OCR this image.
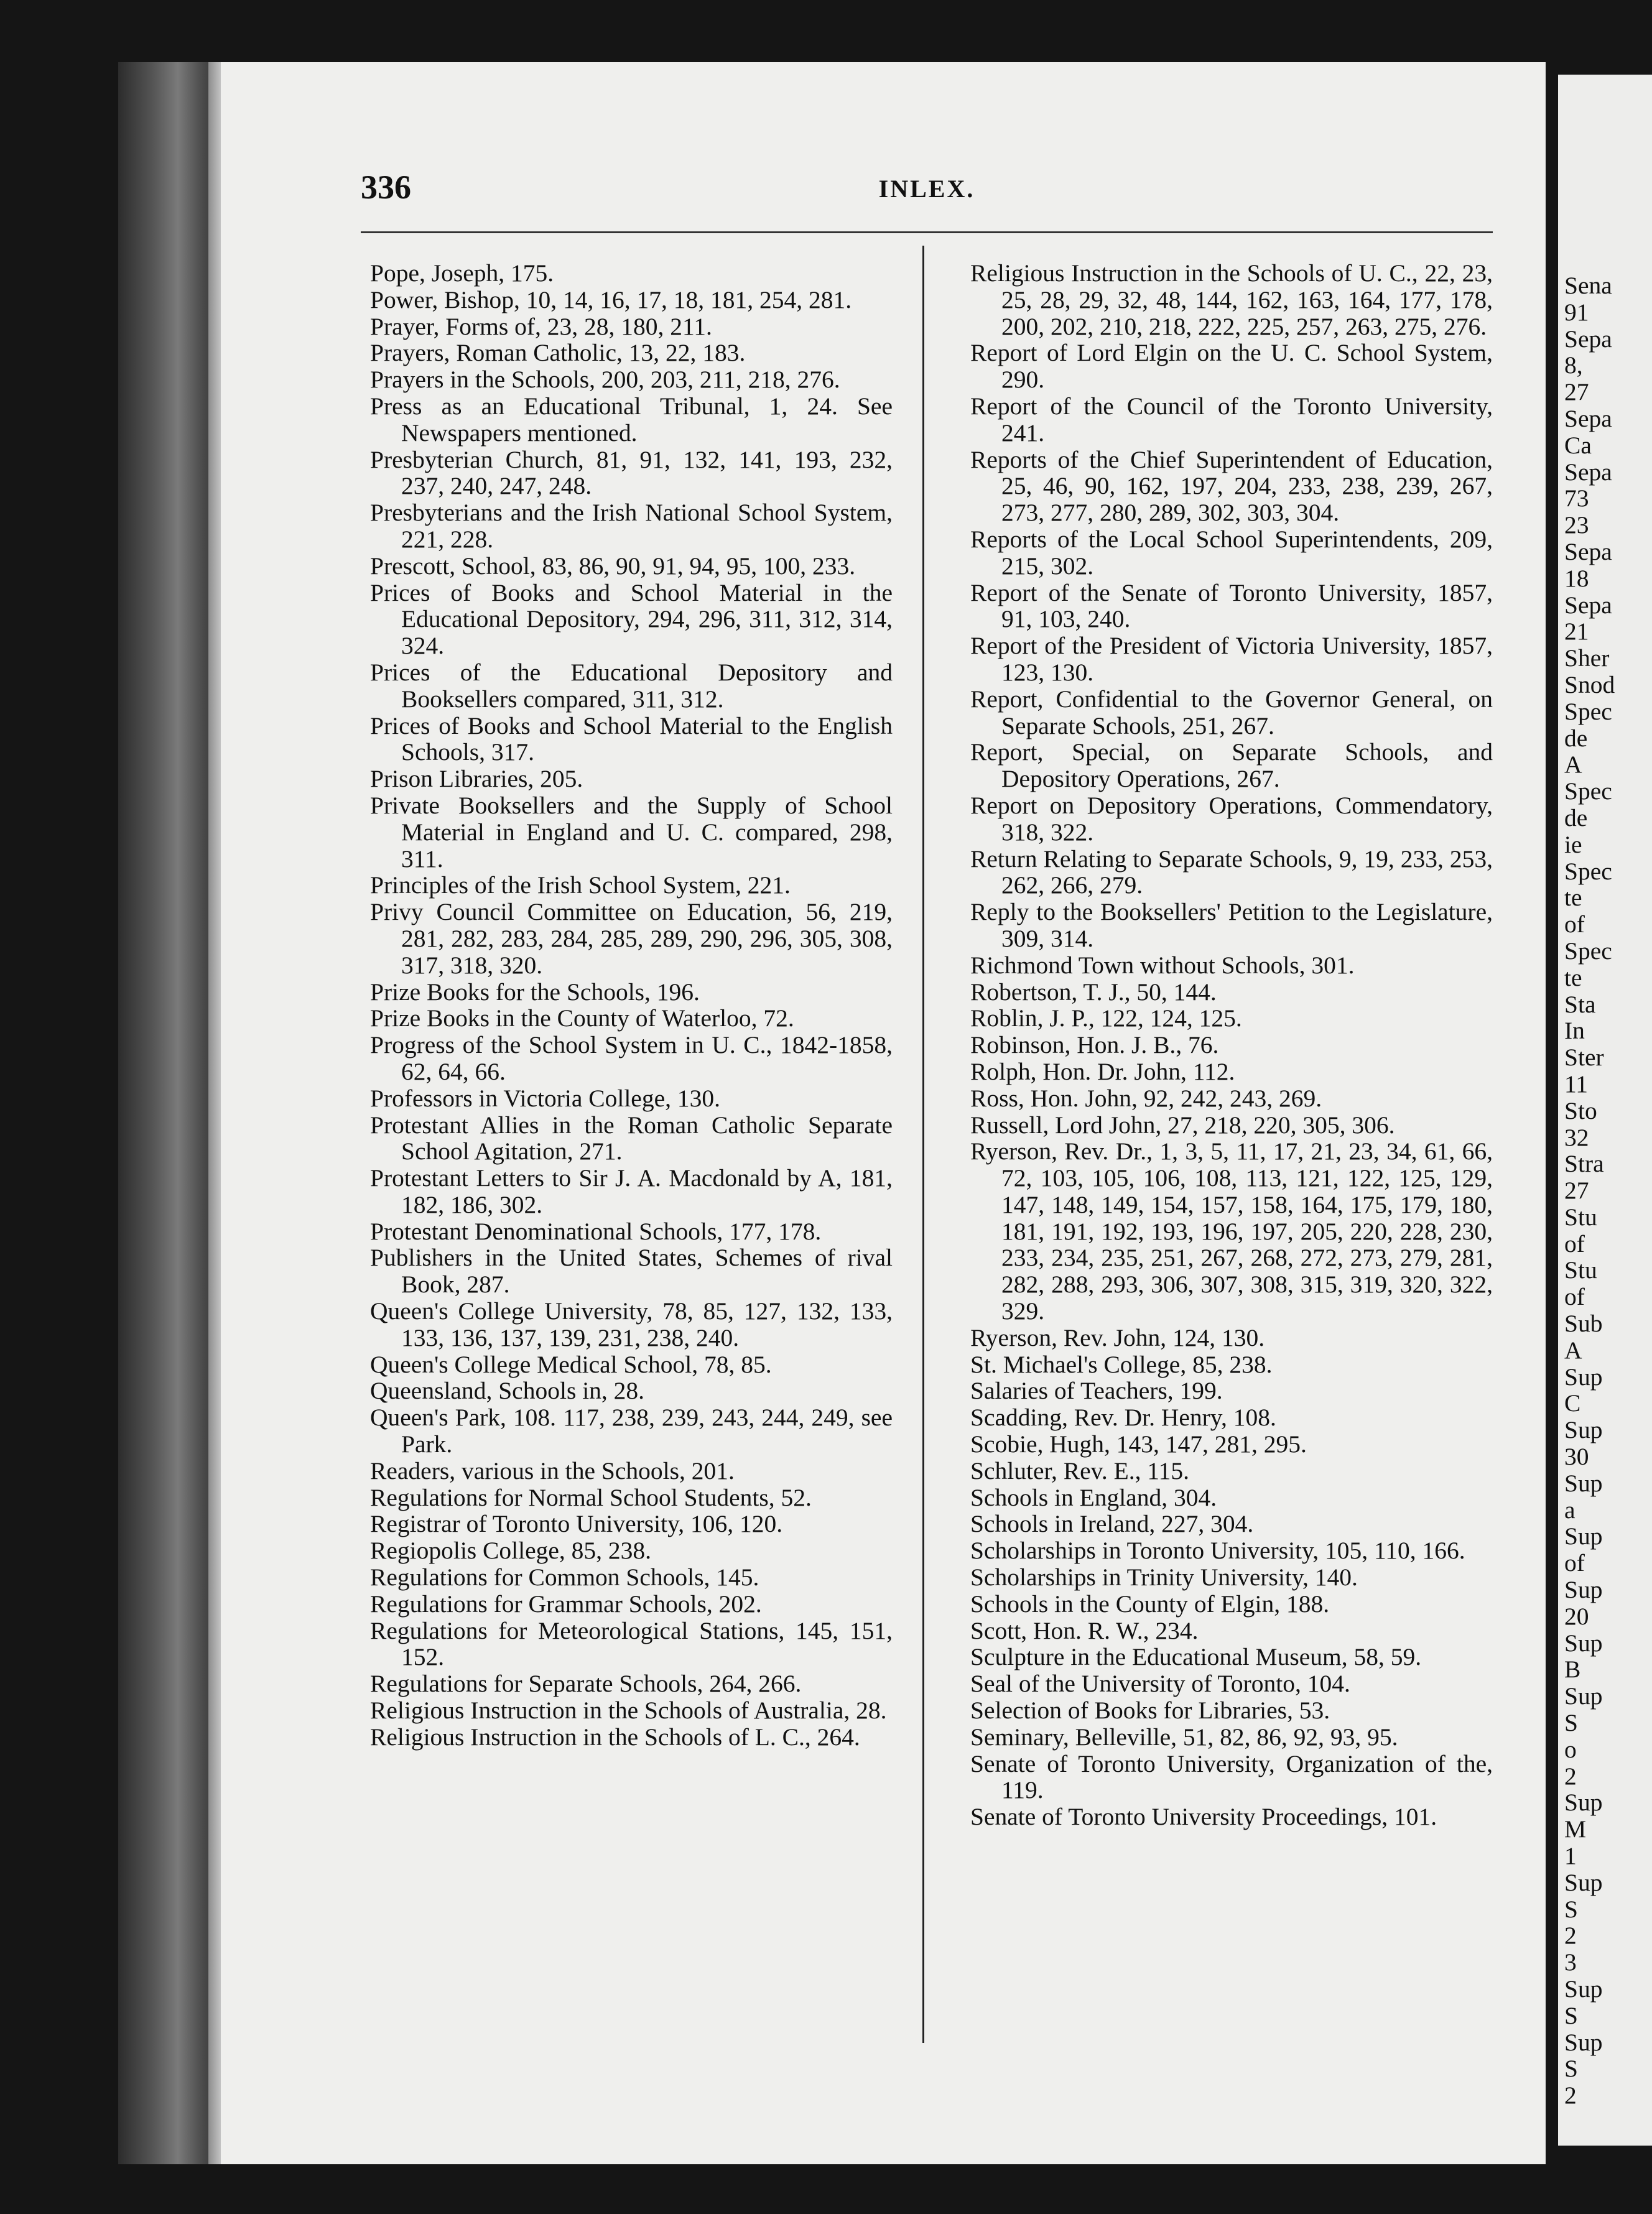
336	INLEX.
Pope, Joseph, 175.
Power, Bishop, 10, 14, 16, 17, 18, 181, 254, 281.
Prayer, Forms of, 23, 28, 180, 211.
Prayers, Roman Catholic, 13, 22, 183.
Prayers in the Schools, 200, 203, 211, 218, 276.
Press as an Educational Tribunal, 1, 24. See Newspapers mentioned.
Presbyterian Church, 81, 91, 132, 141, 193, 232, 237, 240, 247, 248.
Presbyterians and the Irish National School System, 221, 228.
Prescott, School, 83, 86, 90, 91, 94, 95, 100, 233.
Prices of Books and School Material in the Educational Depository, 294, 296, 311, 312, 314, 324.
Prices of the Educational Depository and Booksellers compared, 311, 312.
Prices of Books and School Material to the English Schools, 317.
Prison Libraries, 205.
Private Booksellers and the Supply of School Material in England and U. C. compared, 298, 311.
Principles of the Irish School System, 221.
Privy Council Committee on Education, 56, 219, 281, 282, 283, 284, 285, 289, 290, 296, 305, 308, 317, 318, 320.
Prize Books for the Schools, 196.
Prize Books in the County of Waterloo, 72.
Progress of the School System in U. C., 1842-1858, 62, 64, 66.
Professors in Victoria College, 130.
Protestant Allies in the Roman Catholic Separate School Agitation, 271.
Protestant Letters to Sir J. A. Macdonald by A, 181, 182, 186, 302.
Protestant Denominational Schools, 177, 178.
Publishers in the United States, Schemes of rival Book, 287.
Queen's College University, 78, 85, 127, 132, 133, 133, 136, 137, 139, 231, 238, 240.
Queen's College Medical School, 78, 85.
Queensland, Schools in, 28.
Queen's Park, 108. 117, 238, 239, 243, 244, 249, see Park.
Readers, various in the Schools, 201.
Regulations for Normal School Students, 52.
Registrar of Toronto University, 106, 120.
Regiopolis College, 85, 238.
Regulations for Common Schools, 145.
Regulations for Grammar Schools, 202.
Regulations for Meteorological Stations, 145, 151, 152.
Regulations for Separate Schools, 264, 266.
Religious Instruction in the Schools of Australia, 28.
Religious Instruction in the Schools of L. C., 264.
Religious Instruction in the Schools of U. C., 22, 23, 25, 28, 29, 32, 48, 144, 162, 163, 164, 177, 178, 200, 202, 210, 218, 222, 225, 257, 263, 275, 276.
Report of Lord Elgin on the U. C. School System, 290.
Report of the Council of the Toronto University, 241.
Reports of the Chief Superintendent of Education, 25, 46, 90, 162, 197, 204, 233, 238, 239, 267, 273, 277, 280, 289, 302, 303, 304.
Reports of the Local School Superintendents, 209, 215, 302.
Report of the Senate of Toronto University, 1857, 91, 103, 240.
Report of the President of Victoria University, 1857, 123, 130.
Report, Confidential to the Governor General, on Separate Schools, 251, 267.
Report, Special, on Separate Schools, and Depository Operations, 267.
Report on Depository Operations, Commendatory, 318, 322.
Return Relating to Separate Schools, 9, 19, 233, 253, 262, 266, 279.
Reply to the Booksellers' Petition to the Legislature, 309, 314.
Richmond Town without Schools, 301.
Robertson, T. J., 50, 144.
Roblin, J. P., 122, 124, 125.
Robinson, Hon. J. B., 76.
Rolph, Hon. Dr. John, 112.
Ross, Hon. John, 92, 242, 243, 269.
Russell, Lord John, 27, 218, 220, 305, 306.
Ryerson, Rev. Dr., 1, 3, 5, 11, 17, 21, 23, 34, 61, 66, 72, 103, 105, 106, 108, 113, 121, 122, 125, 129, 147, 148, 149, 154, 157, 158, 164, 175, 179, 180, 181, 191, 192, 193, 196, 197, 205, 220, 228, 230, 233, 234, 235, 251, 267, 268, 272, 273, 279, 281, 282, 288, 293, 306, 307, 308, 315, 319, 320, 322, 329.
Ryerson, Rev. John, 124, 130.
St. Michael's College, 85, 238.
Salaries of Teachers, 199.
Scadding, Rev. Dr. Henry, 108.
Scobie, Hugh, 143, 147, 281, 295.
Schluter, Rev. E., 115.
Schools in England, 304.
Schools in Ireland, 227, 304.
Scholarships in Toronto University, 105, 110, 166.
Scholarships in Trinity University, 140.
Schools in the County of Elgin, 188.
Scott, Hon. R. W., 234.
Sculpture in the Educational Museum, 58, 59.
Seal of the University of Toronto, 104.
Selection of Books for Libraries, 53.
Seminary, Belleville, 51, 82, 86, 92, 93, 95.
Senate of Toronto University, Organization of the, 119.
Senate of Toronto University Proceedings, 101.
Sena
91
Sepa
8,
27
Sepa
Ca
Sepa
73
23
Sepa
18
Sepa
21
Sher
Snod
Spec
de
A
Spec
de
ie
Spec
te
of
Spec
te
Sta
In
Ster
11
Sto
32
Stra
27
Stu
of
Stu
of
Sub
A
Sup
C
Sup
30
Sup
a
Sup
of
Sup
20
Sup
B
Sup
S
o
2
Sup
M
1
Sup
S
2
3
Sup
S
Sup
S
2
